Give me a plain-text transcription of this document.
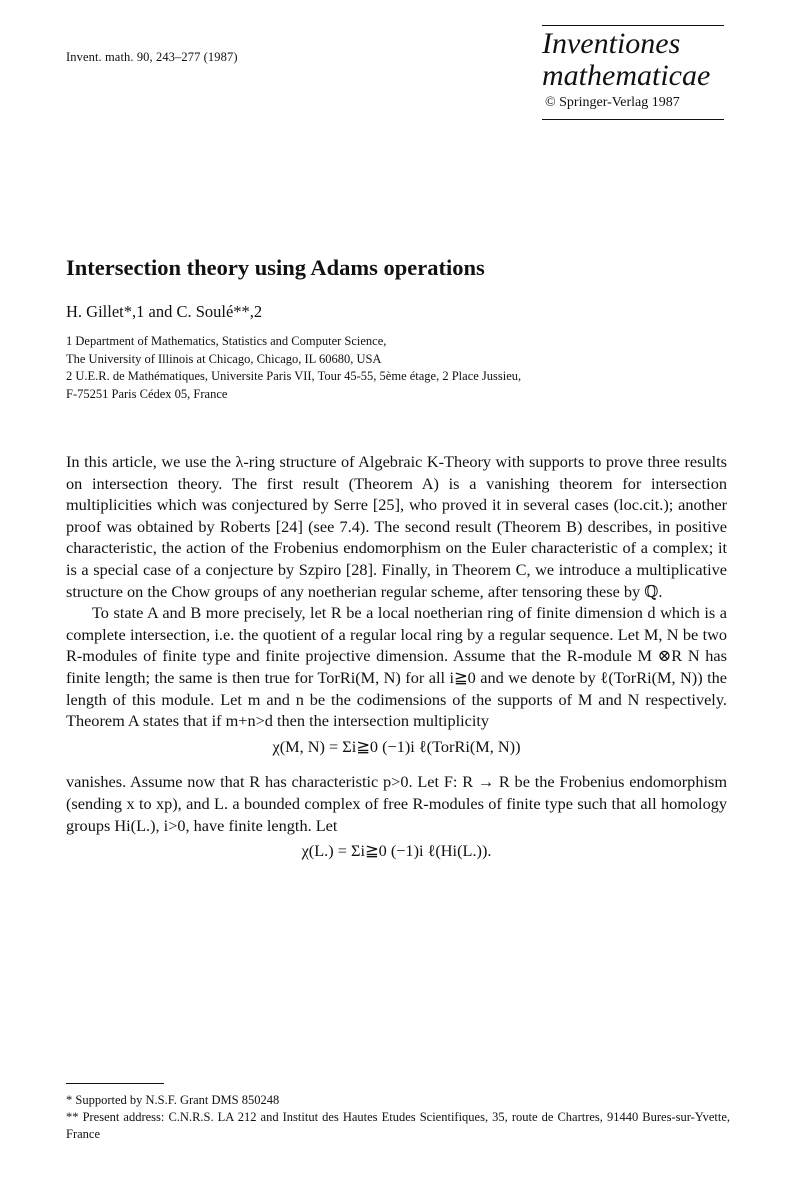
Invent. math. 90, 243–277 (1987)	Inventiones
mathematicae
© Springer-Verlag 1987
Intersection theory using Adams operations
H. Gillet*,1 and C. Soulé**,2
1 Department of Mathematics, Statistics and Computer Science,
The University of Illinois at Chicago, Chicago, IL 60680, USA
2 U.E.R. de Mathématiques, Universite Paris VII, Tour 45-55, 5ème étage, 2 Place Jussieu,
F-75251 Paris Cédex 05, France

In this article, we use the λ-ring structure of Algebraic K-Theory with supports to prove three results on intersection theory. The first result (Theorem A) is a vanishing theorem for intersection multiplicities which was conjectured by Serre [25], who proved it in several cases (loc.cit.); another proof was obtained by Roberts [24] (see 7.4). The second result (Theorem B) describes, in positive characteristic, the action of the Frobenius endomorphism on the Euler characteristic of a complex; it is a special case of a conjecture by Szpiro [28]. Finally, in Theorem C, we introduce a multiplicative structure on the Chow groups of any noetherian regular scheme, after tensoring these by ℚ.

To state A and B more precisely, let R be a local noetherian ring of finite dimension d which is a complete intersection, i.e. the quotient of a regular local ring by a regular sequence. Let M, N be two R-modules of finite type and finite projective dimension. Assume that the R-module M ⊗R N has finite length; the same is then true for TorRi(M, N) for all i≧0 and we denote by ℓ(TorRi(M, N)) the length of this module. Let m and n be the codimensions of the supports of M and N respectively. Theorem A states that if m+n>d then the intersection multiplicity

χ(M, N) = Σi≧0 (−1)i ℓ(TorRi(M, N))

vanishes. Assume now that R has characteristic p>0. Let F: R → R be the Frobenius endomorphism (sending x to xp), and L. a bounded complex of free R-modules of finite type such that all homology groups Hi(L.), i>0, have finite length. Let

χ(L.) = Σi≧0 (−1)i ℓ(Hi(L.)).
* Supported by N.S.F. Grant DMS 850248
** Present address: C.N.R.S. LA 212 and Institut des Hautes Etudes Scientifiques, 35, route de Chartres, 91440 Bures-sur-Yvette, France
